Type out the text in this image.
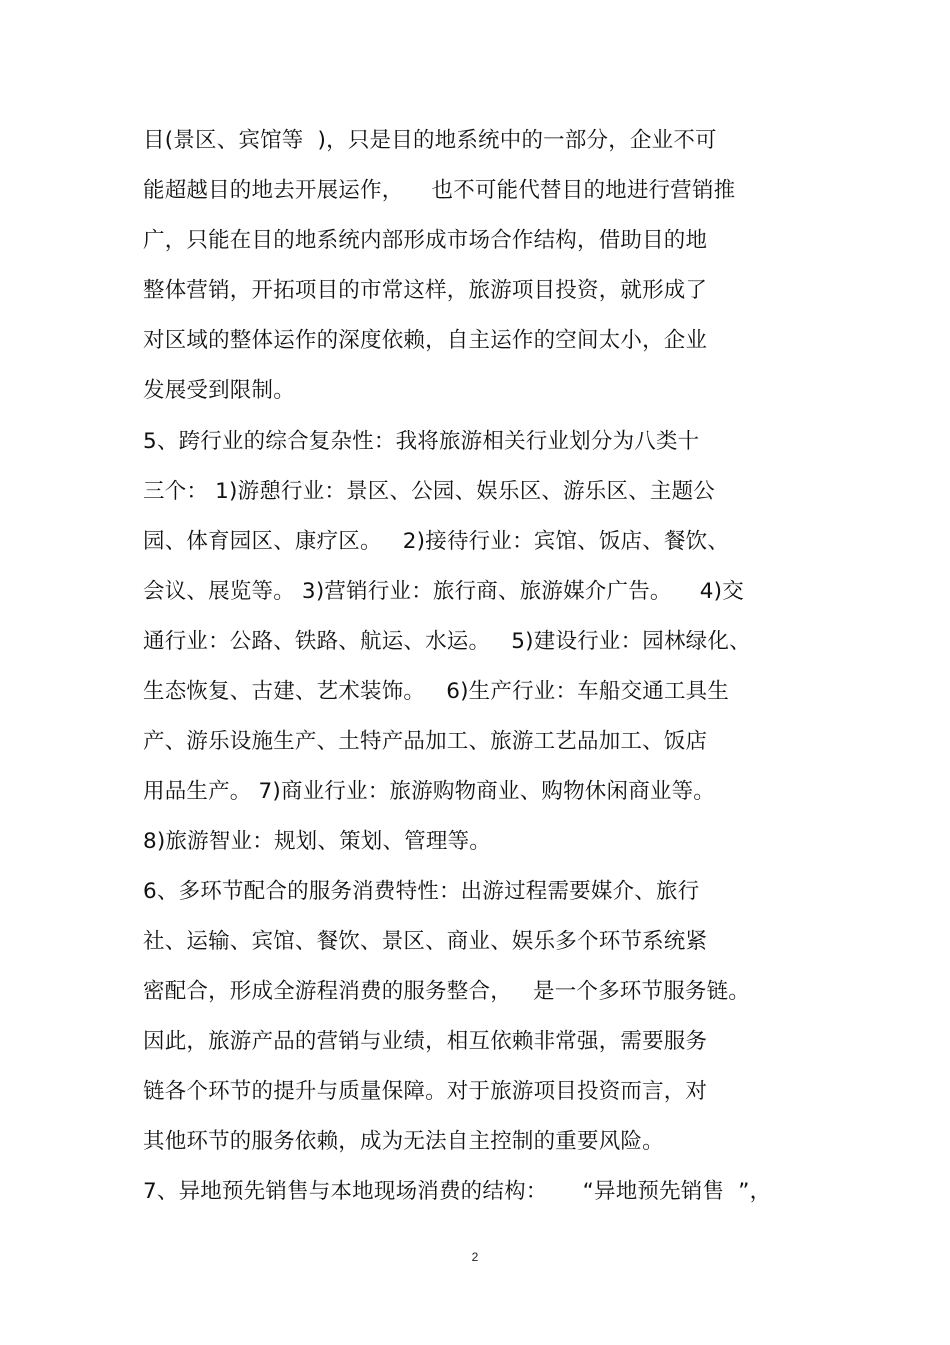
目(景区、宾馆等  )，只是目的地系统中的一部分，企业不可
能超越目的地去开展运作，    也不可能代替目的地进行营销推
广，只能在目的地系统内部形成市场合作结构，借助目的地
整体营销，开拓项目的市常这样，旅游项目投资，就形成了
对区域的整体运作的深度依赖，自主运作的空间太小，企业
发展受到限制。
5、跨行业的综合复杂性：我将旅游相关行业划分为八类十
三个： 1)游憩行业：景区、公园、娱乐区、游乐区、主题公
园、体育园区、康疗区。   2)接待行业：宾馆、饭店、餐饮、
会议、展览等。 3)营销行业：旅行商、旅游媒介广告。    4)交
通行业：公路、铁路、航运、水运。   5)建设行业：园林绿化、
生态恢复、古建、艺术装饰。   6)生产行业：车船交通工具生
产、游乐设施生产、土特产品加工、旅游工艺品加工、饭店
用品生产。 7)商业行业：旅游购物商业、购物休闲商业等。
8)旅游智业：规划、策划、管理等。
6、多环节配合的服务消费特性：出游过程需要媒介、旅行
社、运输、宾馆、餐饮、景区、商业、娱乐多个环节系统紧
密配合，形成全游程消费的服务整合，   是一个多环节服务链。
因此，旅游产品的营销与业绩，相互依赖非常强，需要服务
链各个环节的提升与质量保障。对于旅游项目投资而言，对
其他环节的服务依赖，成为无法自主控制的重要风险。
7、异地预先销售与本地现场消费的结构：     “异地预先销售  ”，
2
